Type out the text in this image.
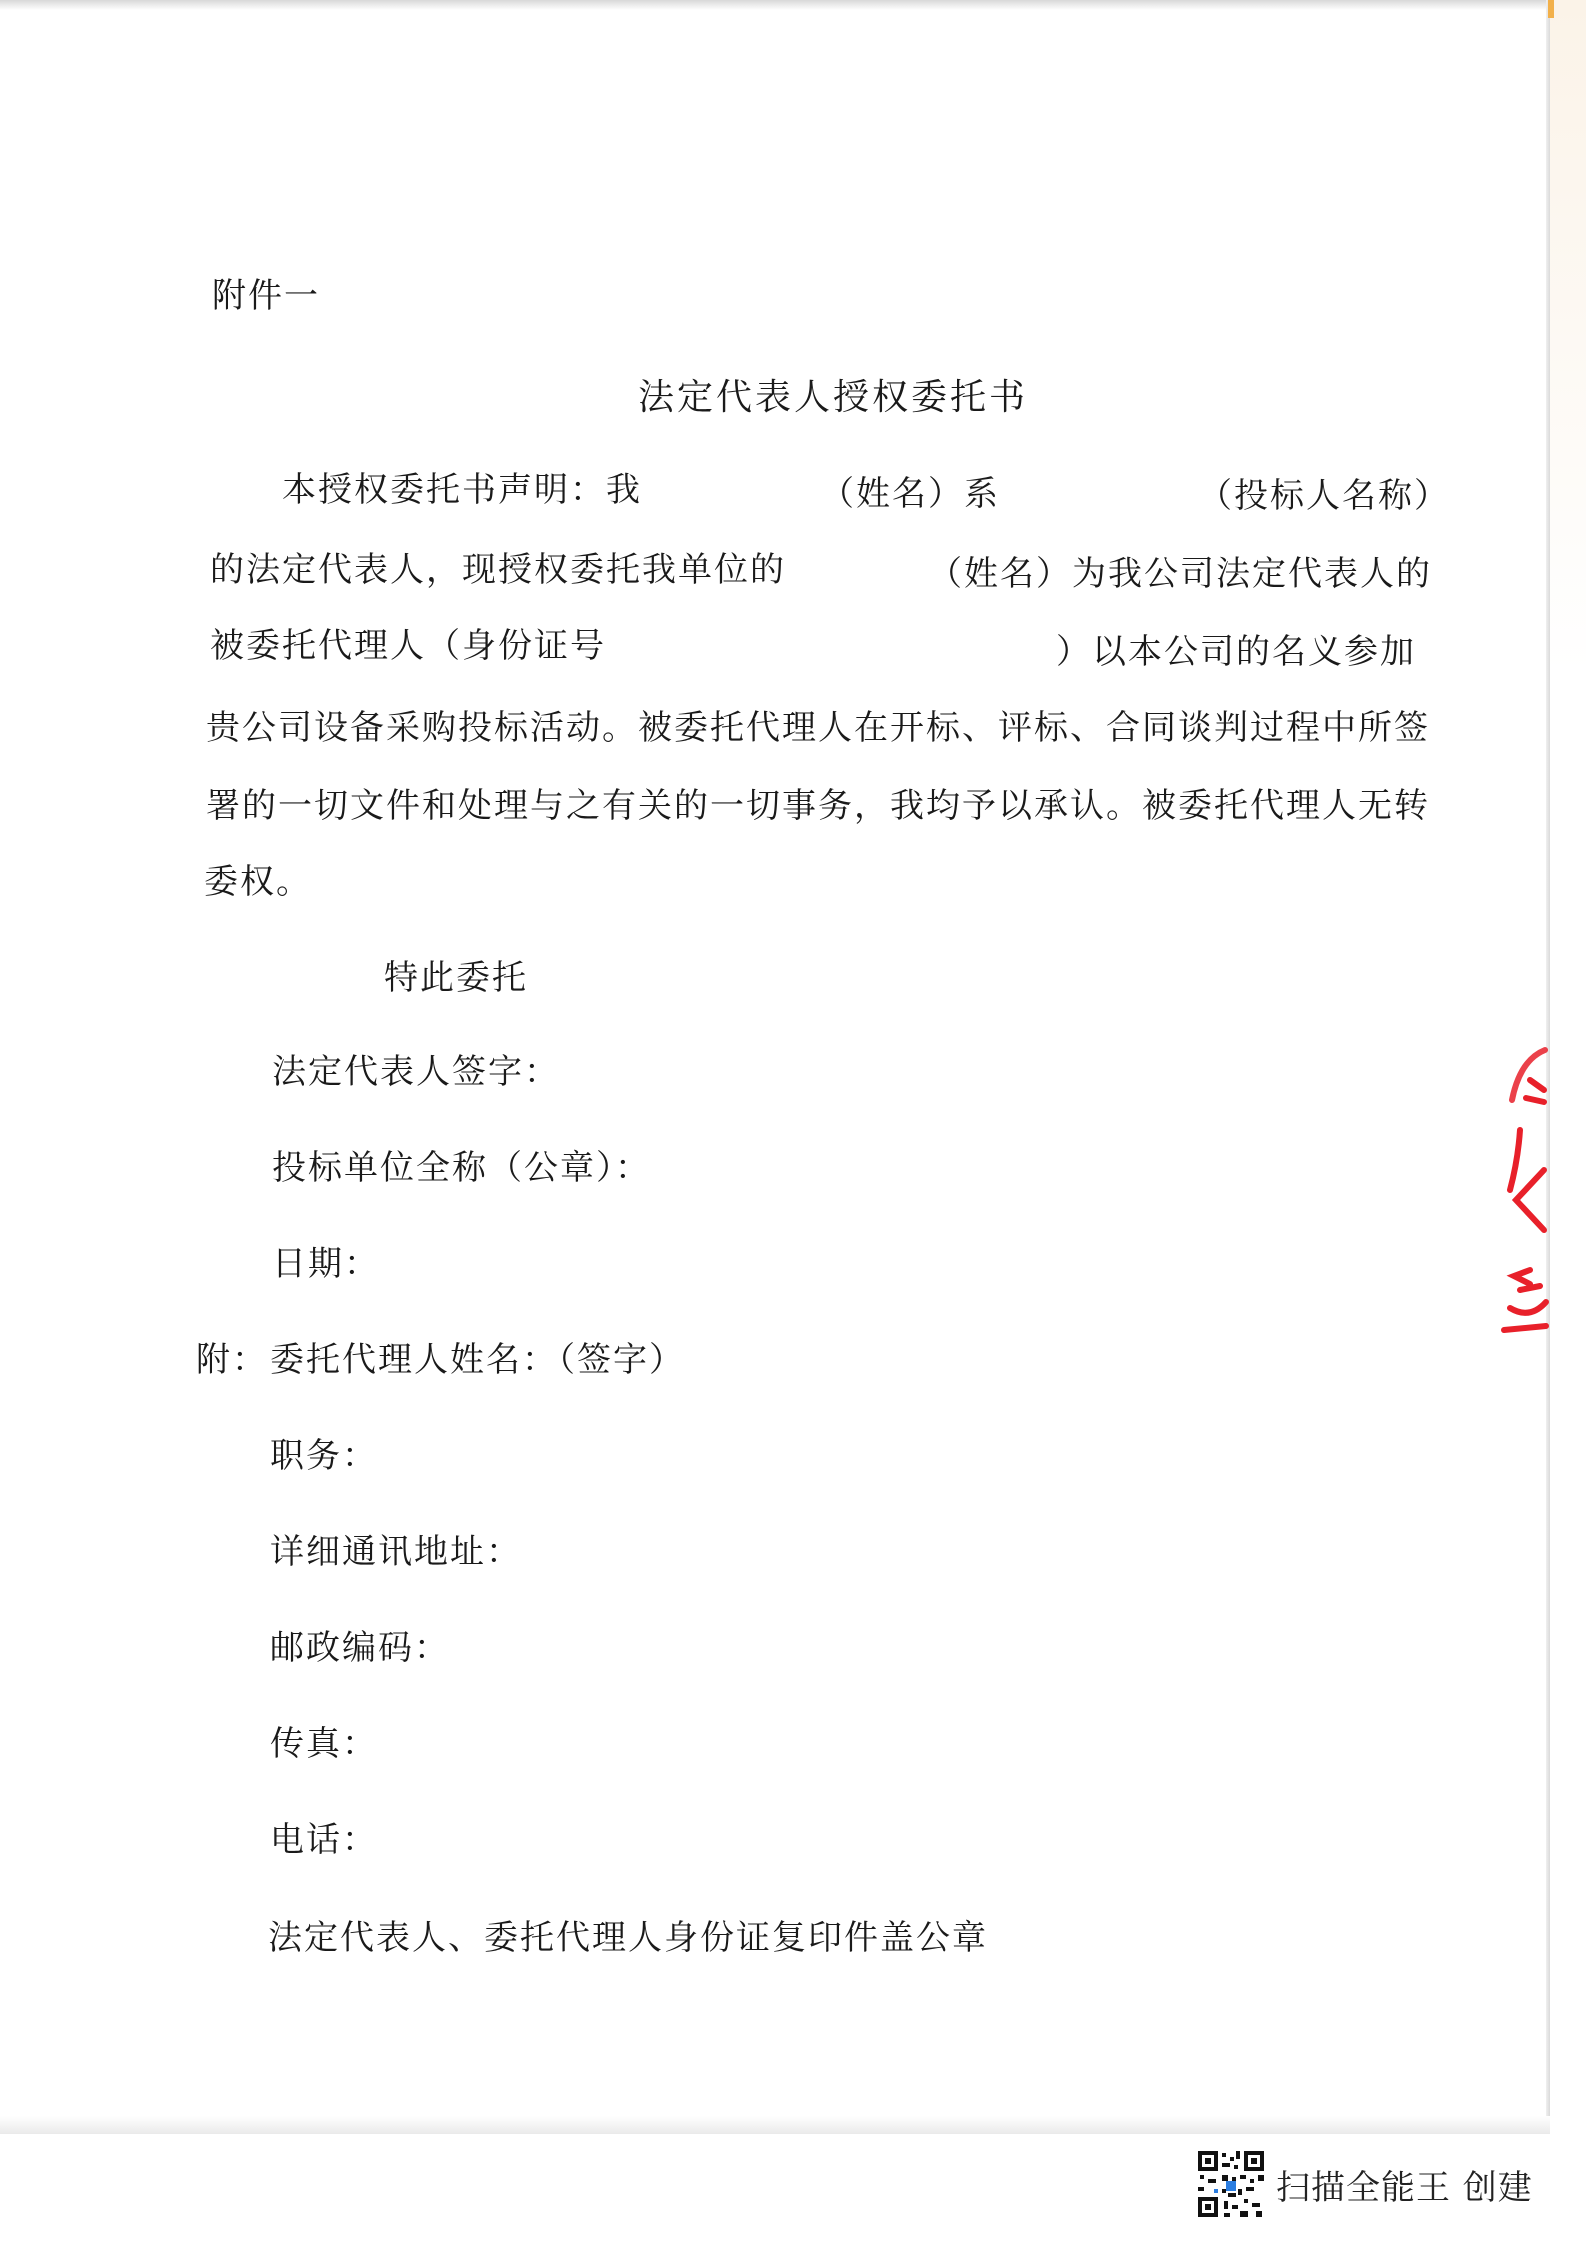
附件一
法定代表人授权委托书
本授权委托书声明：我	（姓名）系	（投标人名称）
的法定代表人，现授权委托我单位的	（姓名）为我公司法定代表人的
被委托代理人（身份证号	）以本公司的名义参加
贵公司设备采购投标活动。被委托代理人在开标、评标、合同谈判过程中所签
署的一切文件和处理与之有关的一切事务，我均予以承认。被委托代理人无转
委权。
特此委托
法定代表人签字：
投标单位全称（公章）：
日期：
附： 委托代理人姓名：（签字）
职务：
详细通讯地址：
邮政编码：
传真：
电话：
法定代表人、委托代理人身份证复印件盖公章
扫描全能王 创建
